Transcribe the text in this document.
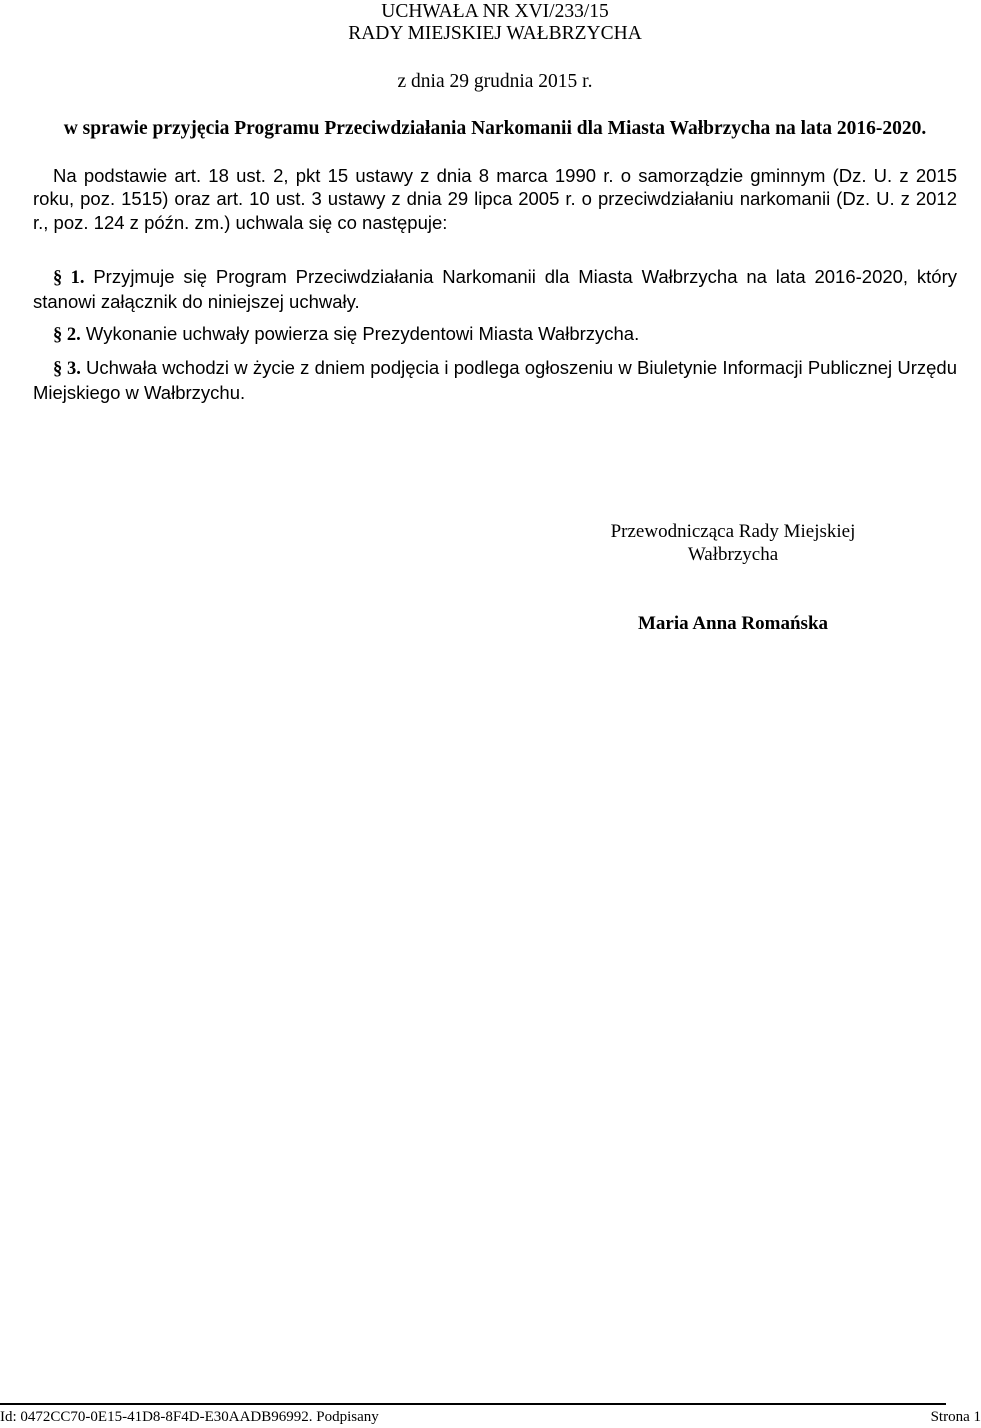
UCHWAŁA NR XVI/233/15
RADY MIEJSKIEJ WAŁBRZYCHA
z dnia 29 grudnia 2015 r.
w sprawie przyjęcia Programu Przeciwdziałania Narkomanii dla Miasta Wałbrzycha na lata 2016-2020.
Na podstawie art. 18 ust. 2, pkt 15 ustawy z dnia 8 marca 1990 r. o samorządzie gminnym (Dz. U. z 2015 roku, poz. 1515) oraz art. 10 ust. 3 ustawy z dnia 29 lipca 2005 r. o przeciwdziałaniu narkomanii (Dz. U. z 2012 r., poz. 124 z późn. zm.) uchwala się co następuje:
§ 1. Przyjmuje się Program Przeciwdziałania Narkomanii dla Miasta Wałbrzycha na lata 2016-2020, który stanowi załącznik do niniejszej uchwały.
§ 2. Wykonanie uchwały powierza się Prezydentowi Miasta Wałbrzycha.
§ 3. Uchwała wchodzi w życie z dniem podjęcia i podlega ogłoszeniu w Biuletynie Informacji Publicznej Urzędu Miejskiego w Wałbrzychu.
Przewodnicząca Rady Miejskiej
Wałbrzycha
Maria Anna Romańska
Id: 0472CC70-0E15-41D8-8F4D-E30AADB96992. Podpisany	Strona 1
